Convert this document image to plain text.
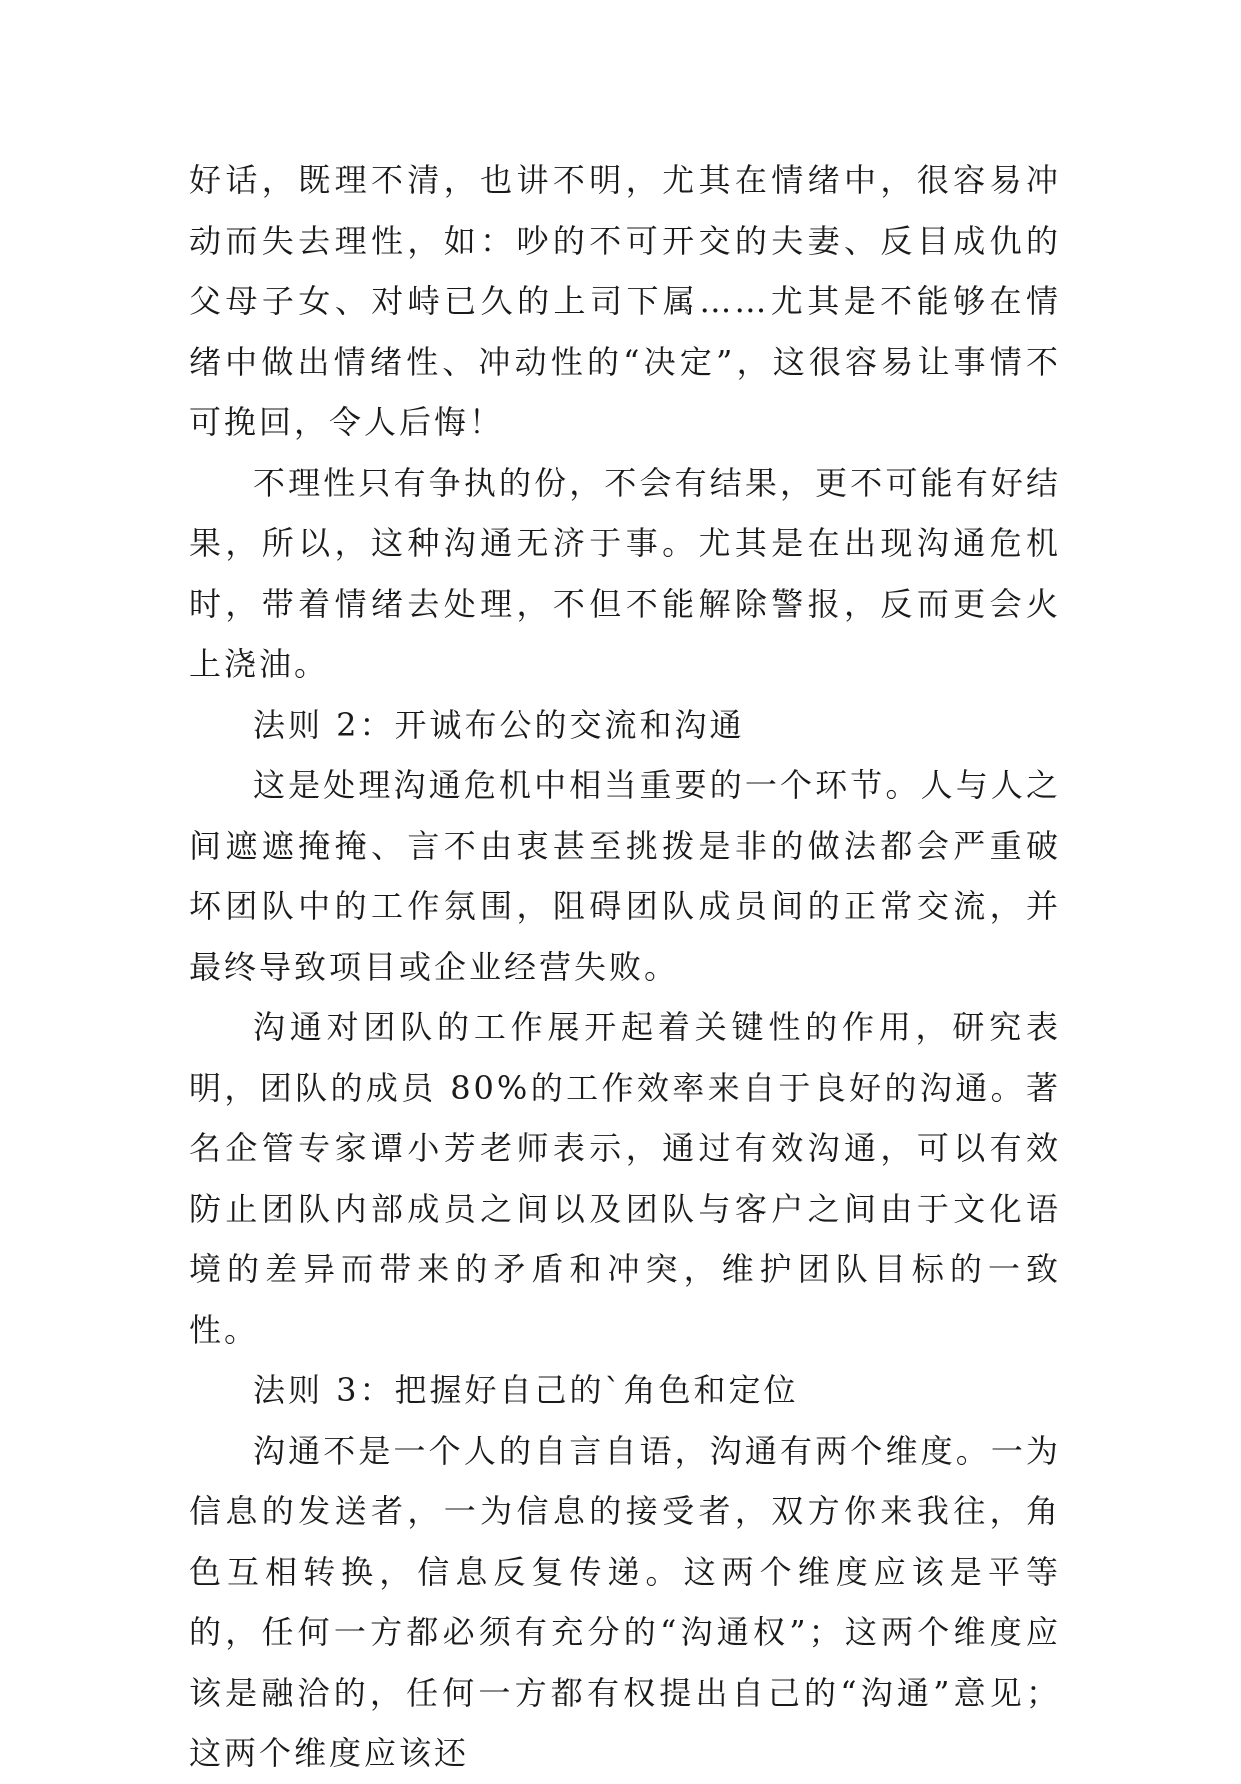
好话，既理不清，也讲不明，尤其在情绪中，很容易冲动而失去理性，如：吵的不可开交的夫妻、反目成仇的父母子女、对峙已久的上司下属……尤其是不能够在情绪中做出情绪性、冲动性的“决定”，这很容易让事情不可挽回，令人后悔！

不理性只有争执的份，不会有结果，更不可能有好结果，所以，这种沟通无济于事。尤其是在出现沟通危机时，带着情绪去处理，不但不能解除警报，反而更会火上浇油。

法则 2：开诚布公的交流和沟通

这是处理沟通危机中相当重要的一个环节。人与人之间遮遮掩掩、言不由衷甚至挑拨是非的做法都会严重破坏团队中的工作氛围，阻碍团队成员间的正常交流，并最终导致项目或企业经营失败。

沟通对团队的工作展开起着关键性的作用，研究表明，团队的成员 80%的工作效率来自于良好的沟通。著名企管专家谭小芳老师表示，通过有效沟通，可以有效防止团队内部成员之间以及团队与客户之间由于文化语境的差异而带来的矛盾和冲突，维护团队目标的一致性。

法则 3：把握好自己的`角色和定位

沟通不是一个人的自言自语，沟通有两个维度。一为信息的发送者，一为信息的接受者，双方你来我往，角色互相转换，信息反复传递。这两个维度应该是平等的，任何一方都必须有充分的“沟通权”；这两个维度应该是融洽的，任何一方都有权提出自己的“沟通”意见；这两个维度应该还
